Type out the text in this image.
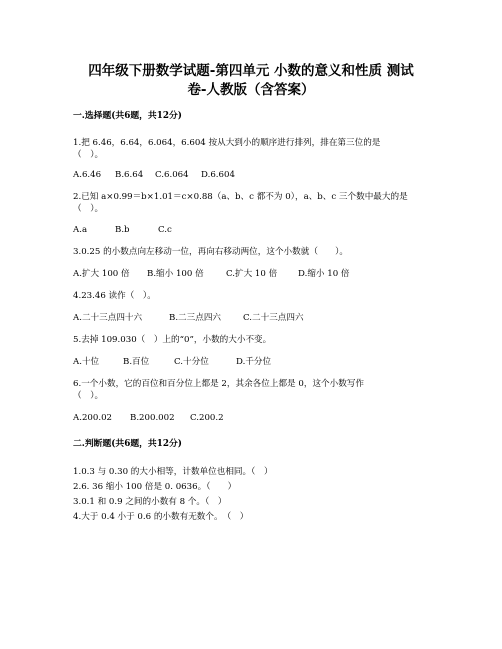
四年级下册数学试题-第四单元 小数的意义和性质 测试
卷-人教版（含答案）
一.选择题(共6题，共12分)
1.把 6.46，6.64，6.064，6.604 按从大到小的顺序进行排列，排在第三位的是
（　）。
A.6.46 B.6.64 C.6.064 D.6.604
2.已知 a×0.99＝b×1.01＝c×0.88（a、b、c 都不为 0），a、b、c 三个数中最大的是
（　）。
A.a	B.b	C.c
3.0.25 的小数点向左移动一位，再向右移动两位，这个小数就（　　）。
A.扩大 100 倍 B.缩小 100 倍	C.扩大 10 倍 D.缩小 10 倍
4.23.46 读作（　）。
A.二十三点四十六	B.二三点四六	C.二十三点四六
5.去掉 109.030（　）上的“0”，小数的大小不变。
A.十位	B.百位	C.十分位	D.千分位
6.一个小数，它的百位和百分位上都是 2，其余各位上都是 0，这个小数写作
（　）。
A.200.02 B.200.002 C.200.2
二.判断题(共6题，共12分)
1.0.3 与 0.30 的大小相等，计数单位也相同。（　）
2.6. 36 缩小 100 倍是 0. 0636。（　　）
3.0.1 和 0.9 之间的小数有 8 个。（　）
4.大于 0.4 小于 0.6 的小数有无数个。　（　）
